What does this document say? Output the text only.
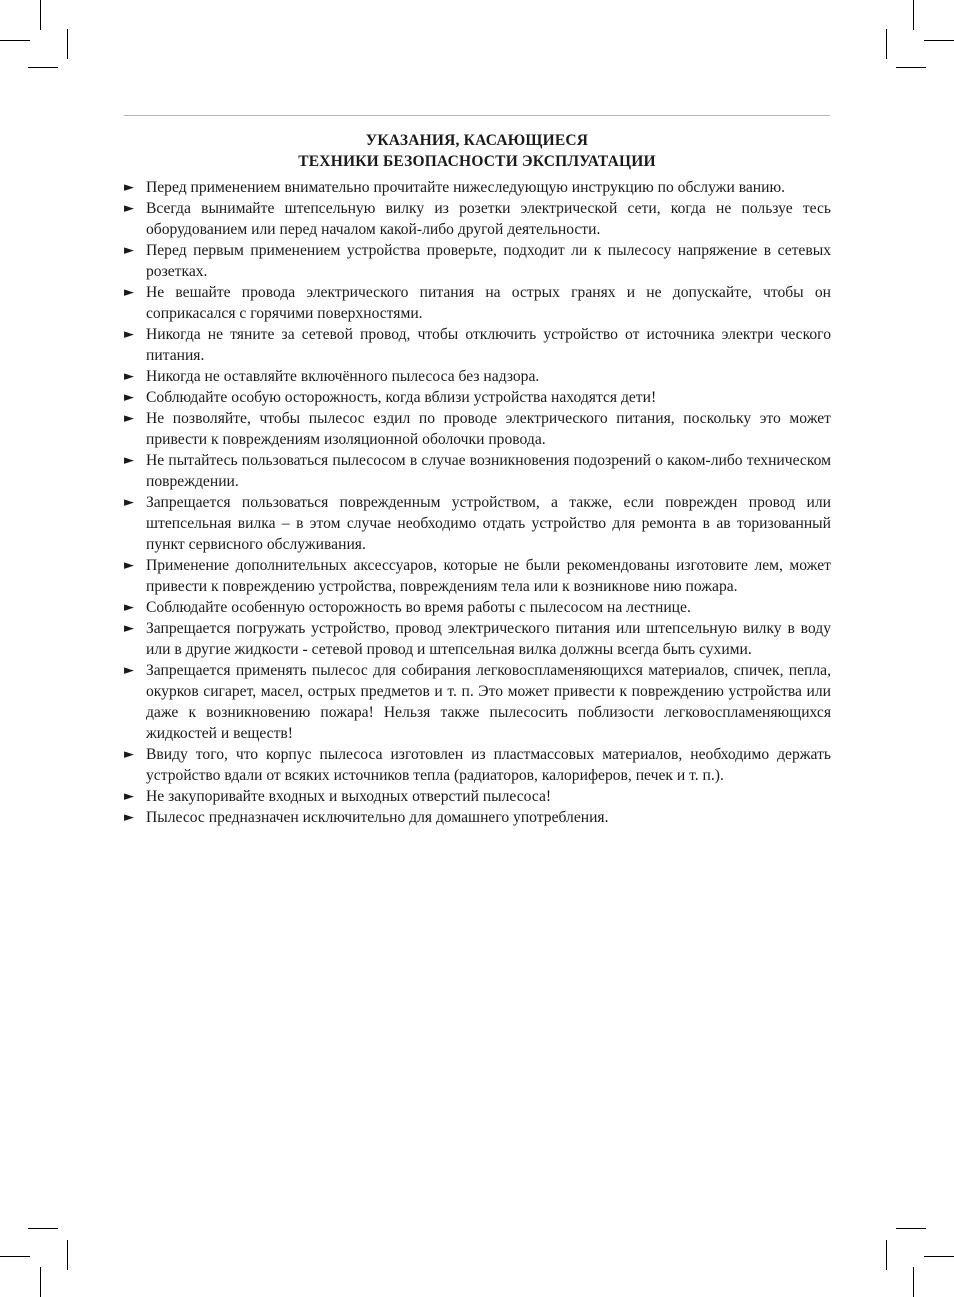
УКАЗАНИЯ, КАСАЮЩИЕСЯ
ТЕХНИКИ БЕЗОПАСНОСТИ ЭКСПЛУАТАЦИИ
► Перед применением внимательно прочитайте нижеследующую инструкцию по обслужи ванию.
► Всегда вынимайте штепсельную вилку из розетки электрической сети, когда не пользуе тесь оборудованием или перед началом какой-либо другой деятельности.
► Перед первым применением устройства проверьте, подходит ли к пылесосу напряжение в сетевых розетках.
► Не вешайте провода электрического питания на острых гранях и не допускайте, чтобы он соприкасался с горячими поверхностями.
► Никогда не тяните за сетевой провод, чтобы отключить устройство от источника электри ческого питания.
► Никогда не оставляйте включённого пылесоса без надзора.
► Соблюдайте особую осторожность, когда вблизи устройства находятся дети!
► Не позволяйте, чтобы пылесос ездил по проводе электрического питания, поскольку это может привести к повреждениям изоляционной оболочки провода.
► Не пытайтесь пользоваться пылесосом в случае возникновения подозрений о каком-либо техническом повреждении.
► Запрещается пользоваться поврежденным устройством, а также, если поврежден провод или штепсельная вилка – в этом случае необходимо отдать устройство для ремонта в ав торизованный пункт сервисного обслуживания.
► Применение дополнительных аксессуаров, которые не были рекомендованы изготовите лем, может привести к повреждению устройства, повреждениям тела или к возникнове нию пожара.
► Соблюдайте особенную осторожность во время работы с пылесосом на лестнице.
► Запрещается погружать устройство, провод электрического питания или штепсельную вилку в воду или в другие жидкости - сетевой провод и штепсельная вилка должны всегда быть сухими.
► Запрещается применять пылесос для собирания легковоспламеняющихся материалов, спичек, пепла, окурков сигарет, масел, острых предметов и т. п. Это может привести к повреждению устройства или даже к возникновению пожара! Нельзя также пылесосить поблизости легковоспламеняющихся жидкостей и веществ!
► Ввиду того, что корпус пылесоса изготовлен из пластмассовых материалов, необходимо держать устройство вдали от всяких источников тепла (радиаторов, калориферов, печек и т. п.).
► Не закупоривайте входных и выходных отверстий пылесоса!
► Пылесос предназначен исключительно для домашнего употребления.
